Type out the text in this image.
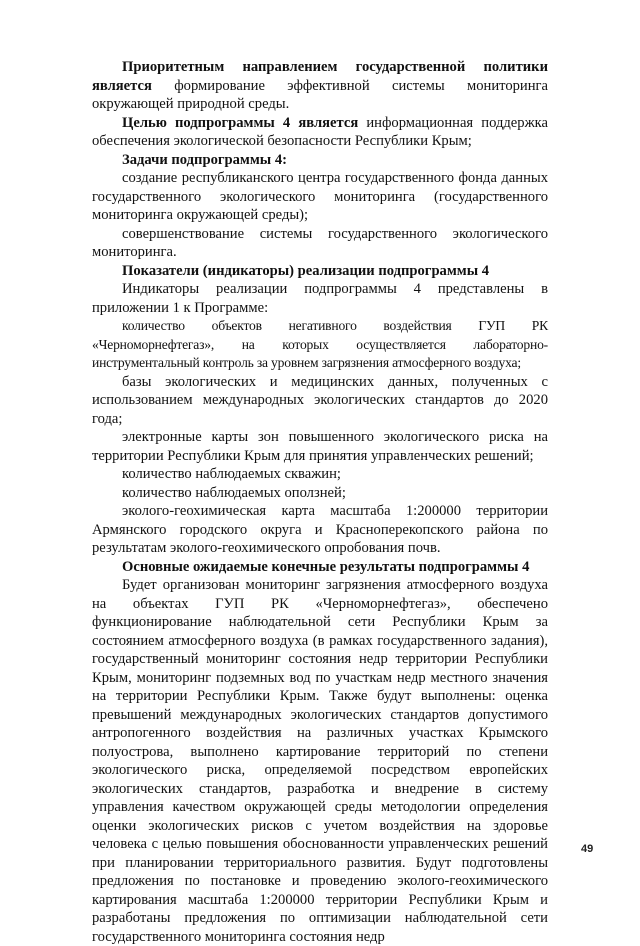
Приоритетным направлением государственной политики является формирование эффективной системы мониторинга окружающей природной среды.

Целью подпрограммы 4 является информационная поддержка обеспечения экологической безопасности Республики Крым;

Задачи подпрограммы 4:

создание республиканского центра государственного фонда данных государственного экологического мониторинга (государственного мониторинга окружающей среды);

совершенствование системы государственного экологического мониторинга.

Показатели (индикаторы) реализации подпрограммы 4

Индикаторы реализации подпрограммы 4 представлены в приложении 1 к Программе:

количество объектов негативного воздействия ГУП РК «Черноморнефтегаз», на которых осуществляется лабораторно-инструментальный контроль за уровнем загрязнения атмосферного воздуха;

базы экологических и медицинских данных, полученных с использованием международных экологических стандартов до 2020 года;

электронные карты зон повышенного экологического риска на территории Республики Крым для принятия управленческих решений;

количество наблюдаемых скважин;

количество наблюдаемых оползней;

эколого-геохимическая карта масштаба 1:200000 территории Армянского городского округа и Красноперекопского района по результатам эколого-геохимического опробования почв.

Основные ожидаемые конечные результаты подпрограммы 4

Будет организован мониторинг загрязнения атмосферного воздуха на объектах ГУП РК «Черноморнефтегаз», обеспечено функционирование наблюдательной сети Республики Крым за состоянием атмосферного воздуха (в рамках государственного задания), государственный мониторинг состояния недр территории Республики Крым, мониторинг подземных вод по участкам недр местного значения на территории Республики Крым. Также будут выполнены: оценка превышений международных экологических стандартов допустимого антропогенного воздействия на различных участках Крымского полуострова, выполнено картирование территорий по степени экологического риска, определяемой посредством европейских экологических стандартов, разработка и внедрение в систему управления качеством окружающей среды методологии определения оценки экологических рисков с учетом воздействия на здоровье человека с целью повышения обоснованности управленческих решений при планировании территориального развития. Будут подготовлены предложения по постановке и проведению эколого-геохимического картирования масштаба 1:200000 территории Республики Крым и разработаны предложения по оптимизации наблюдательной сети государственного мониторинга состояния недр

49
